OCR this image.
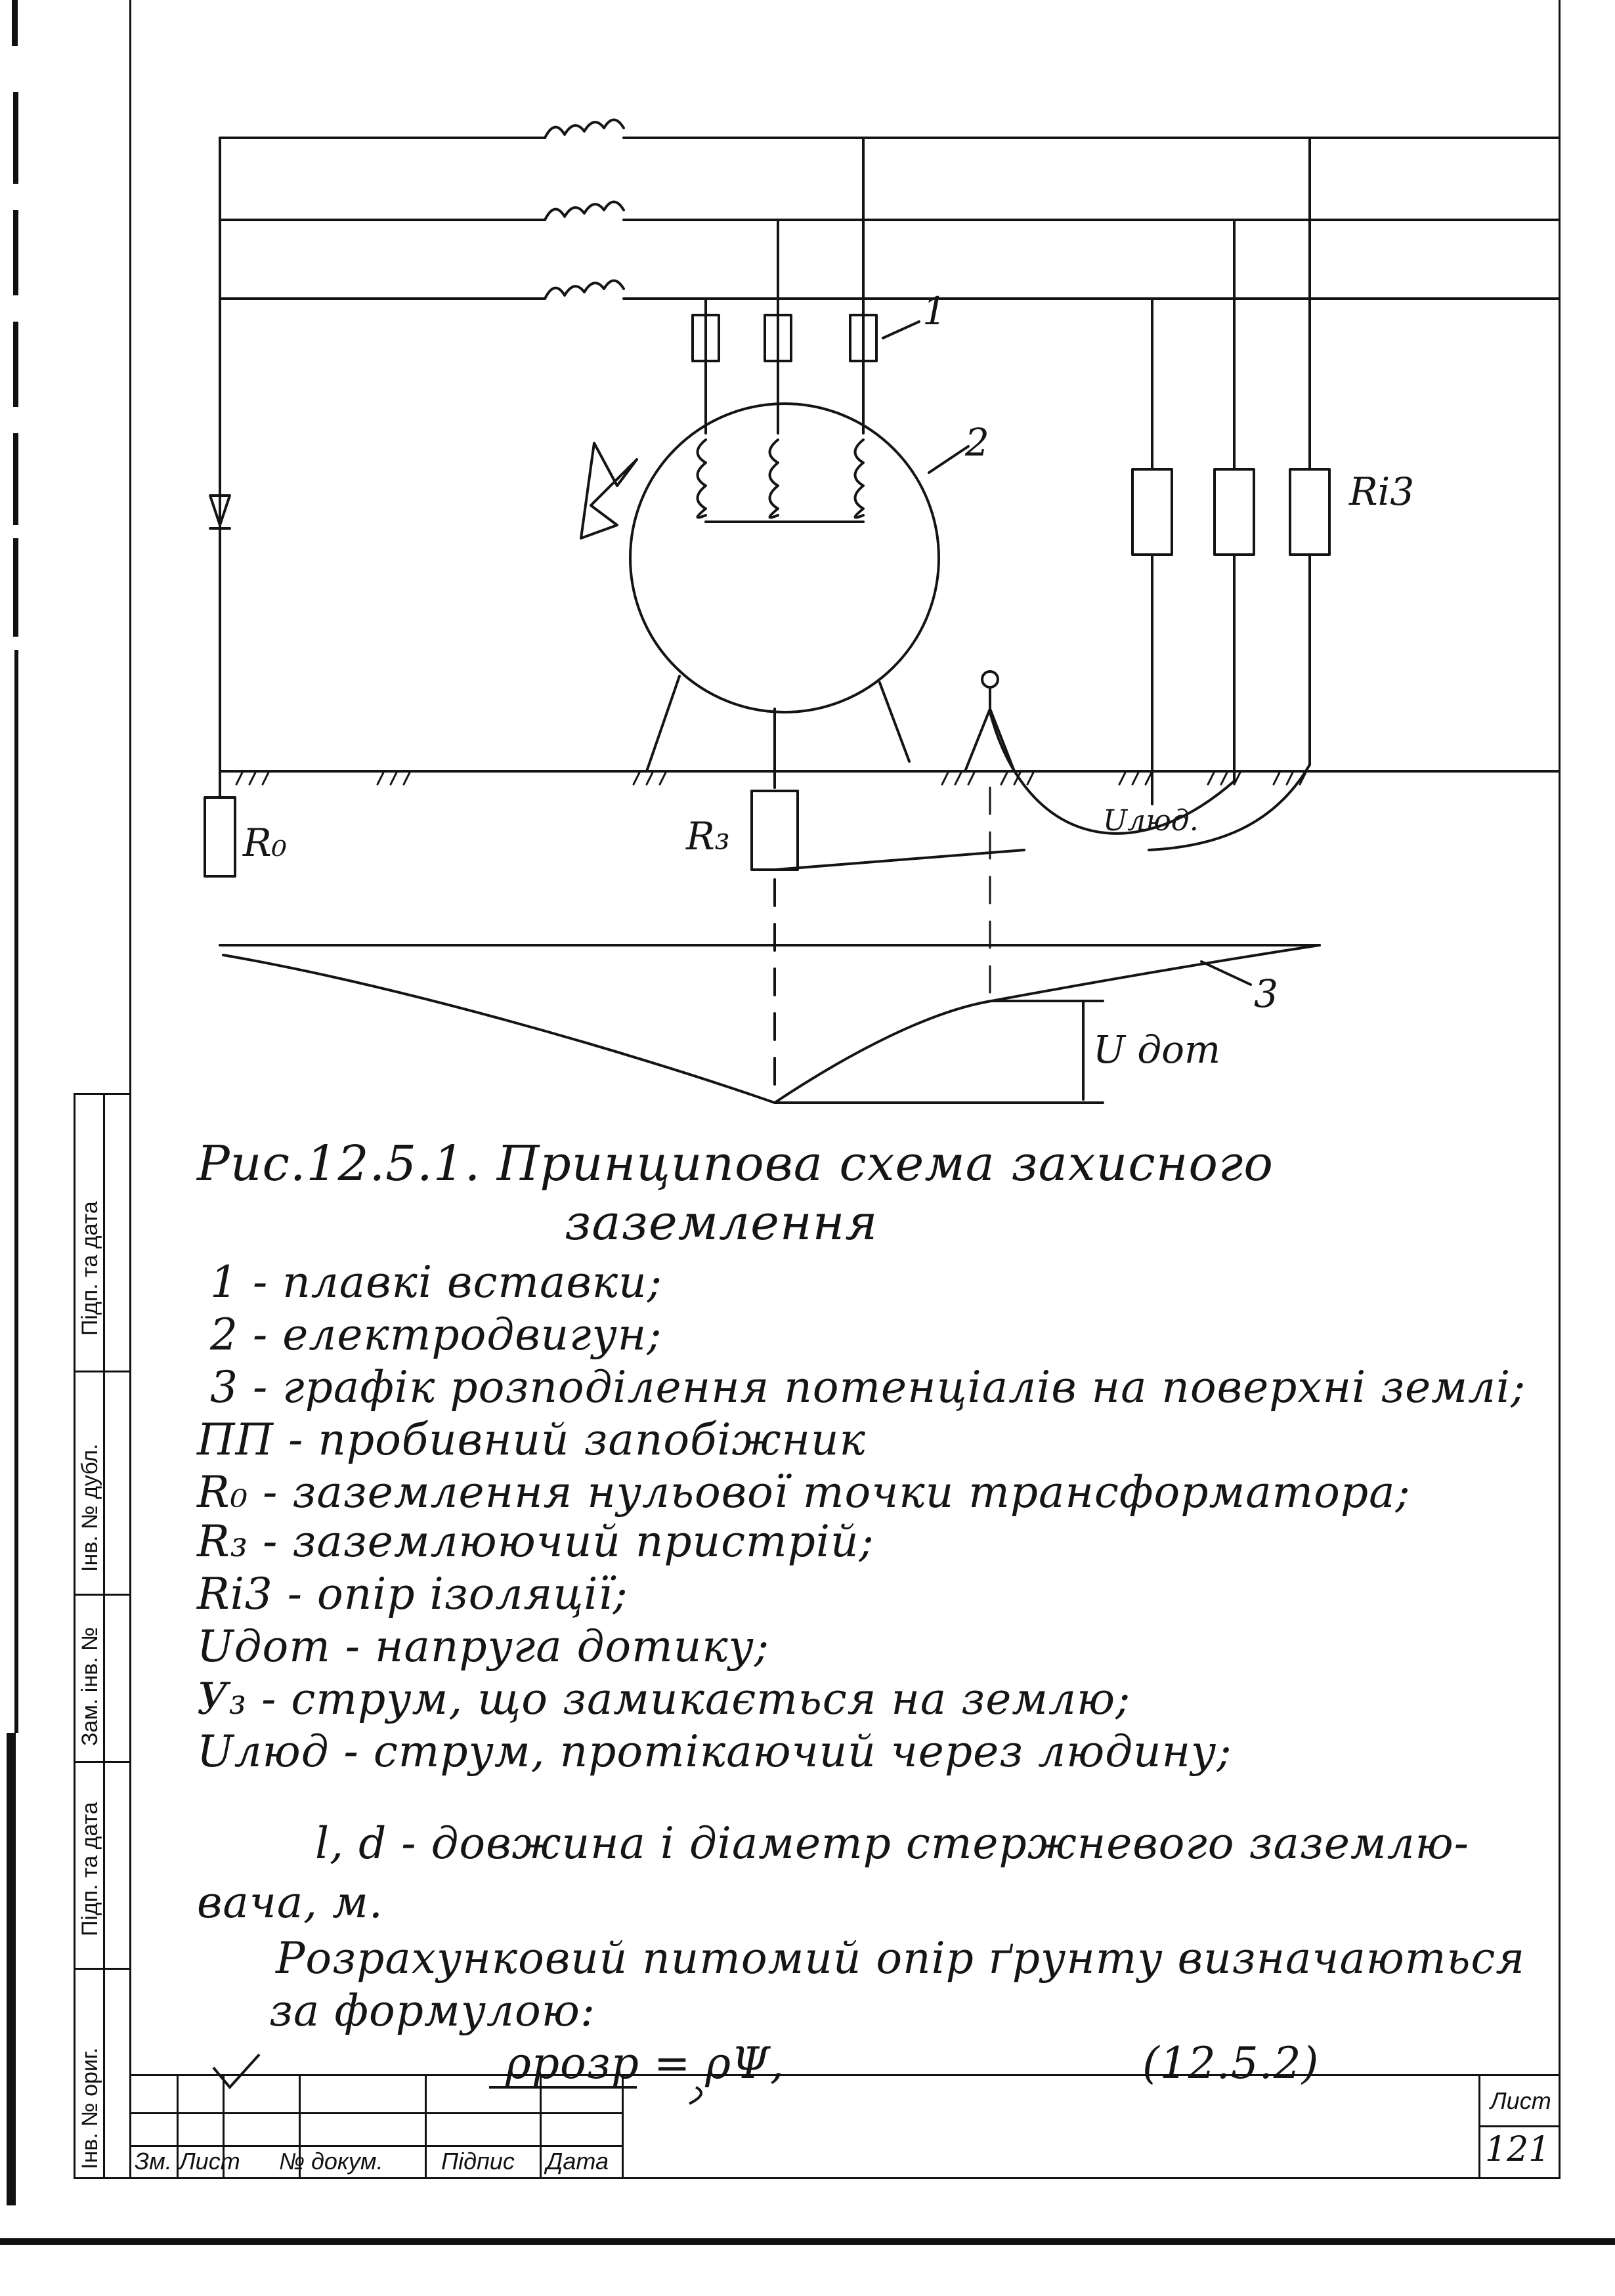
1
2
Ri3
R₀	R₃	Uлюд.
3
U дот
Рис.12.5.1. Принципова схема захисного
заземлення
1 - плавкі вставки;
2 - електродвигун;
3 - графік розподілення потенціалів на поверхні землі;
ПП - пробивний запобіжник
R₀ - заземлення нульової точки трансформатора;
R₃ - заземлюючий пристрій;
Ri3 - опір ізоляції;
Uдот - напруга дотику;
У₃ - струм, що замикається на землю;
Uлюд - струм, протікаючий через людину;
l, d - довжина і діаметр стержневого заземлю-
вача, м.
Розрахунковий питомий опір ґрунту визначаються
за формулою:
ρрозр = ρΨ,	(12.5.2)
Підп. та дата
Інв. № дубл.
Зам. інв. №
Підп. та дата
Інв. № ориг. Зм. Лист № докум. Підпис Дата
Лист
121
